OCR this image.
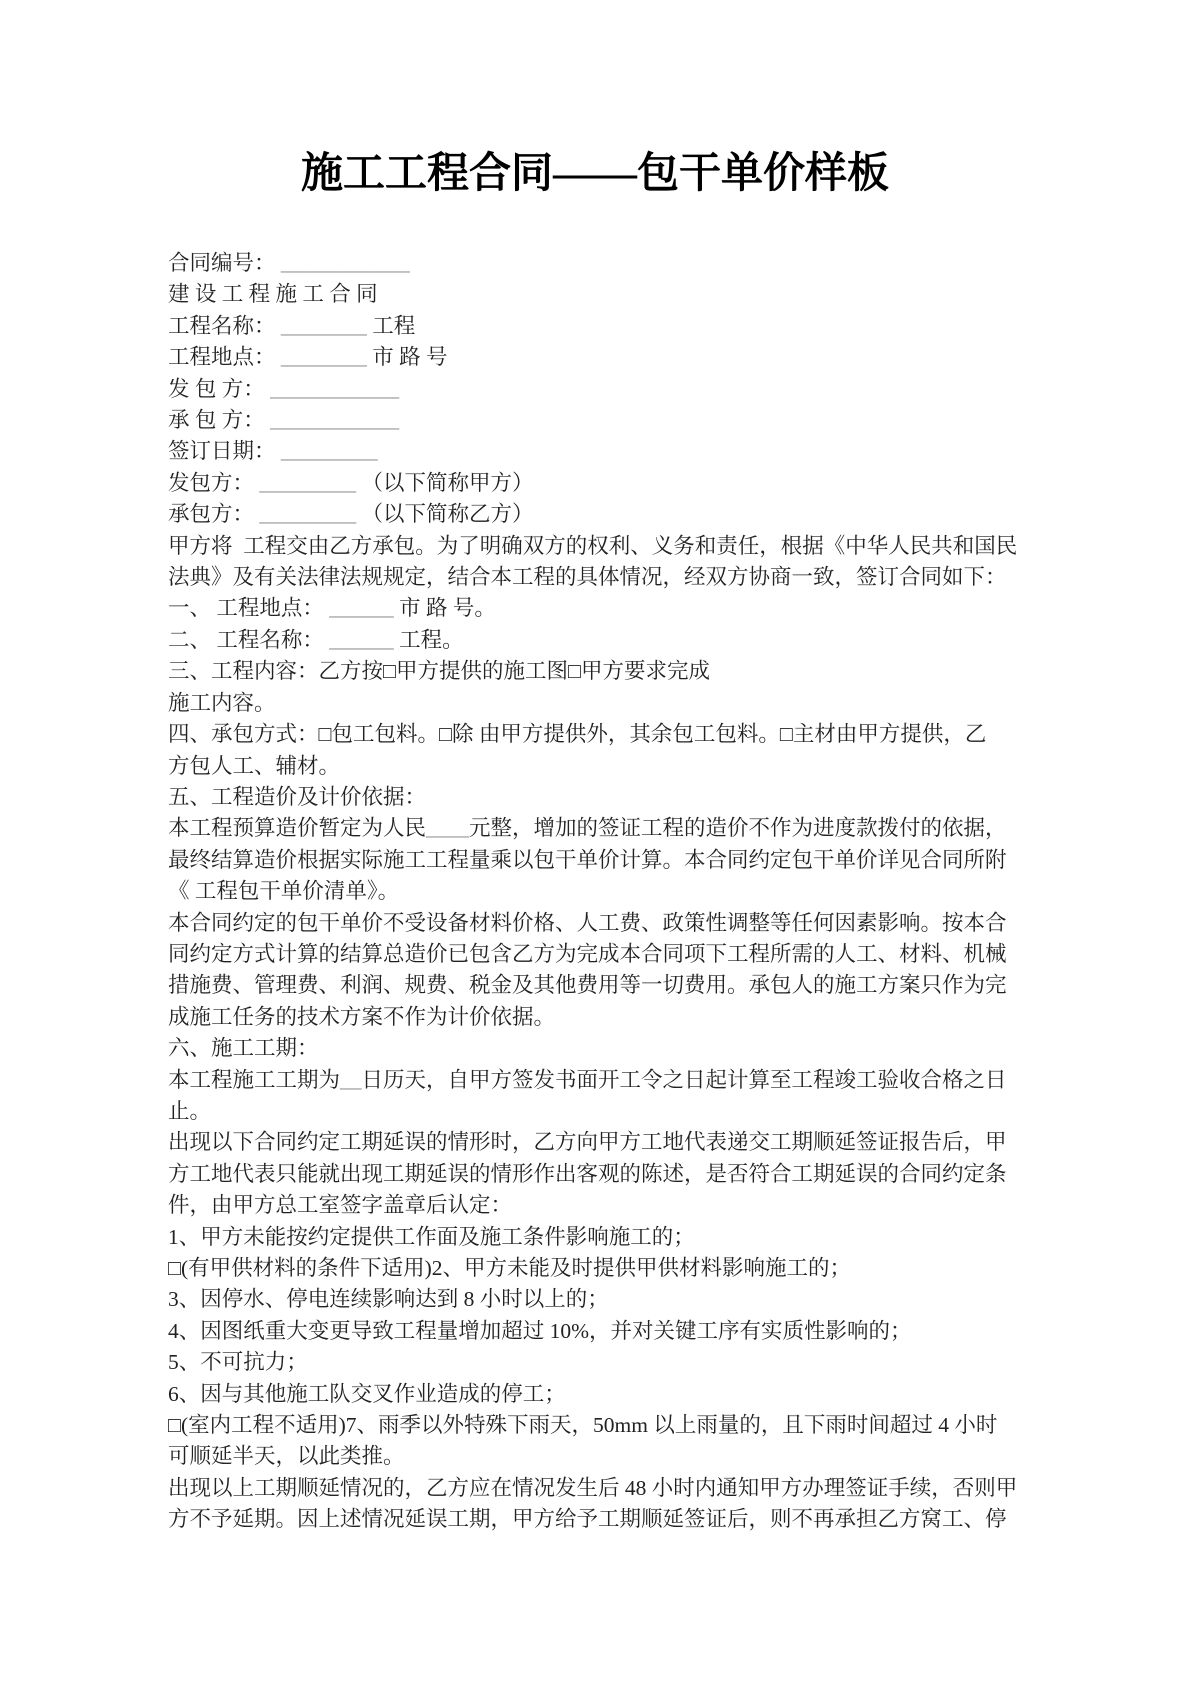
施工工程合同——包干单价样板
合同编号： ____________
建 设 工 程 施 工 合 同
工程名称： ________ 工程
工程地点： ________ 市 路 号
发 包 方： ____________
承 包 方： ____________
签订日期： _________
发包方： _________ （以下简称甲方）
承包方： _________ （以下简称乙方）
甲方将  工程交由乙方承包。为了明确双方的权利、义务和责任，根据《中华人民共和国民
法典》及有关法律法规规定，结合本工程的具体情况，经双方协商一致，签订合同如下：
一、 工程地点： ______ 市 路 号。
二、 工程名称： ______ 工程。
三、工程内容：乙方按□甲方提供的施工图□甲方要求完成
施工内容。
四、承包方式：□包工包料。□除 由甲方提供外，其余包工包料。□主材由甲方提供，乙
方包人工、辅材。
五、工程造价及计价依据：
本工程预算造价暂定为人民____元整，增加的签证工程的造价不作为进度款拨付的依据，
最终结算造价根据实际施工工程量乘以包干单价计算。本合同约定包干单价详见合同所附
《 工程包干单价清单》。
本合同约定的包干单价不受设备材料价格、人工费、政策性调整等任何因素影响。按本合
同约定方式计算的结算总造价已包含乙方为完成本合同项下工程所需的人工、材料、机械
措施费、管理费、利润、规费、税金及其他费用等一切费用。承包人的施工方案只作为完
成施工任务的技术方案不作为计价依据。
六、施工工期：
本工程施工工期为__日历天，自甲方签发书面开工令之日起计算至工程竣工验收合格之日
止。
出现以下合同约定工期延误的情形时，乙方向甲方工地代表递交工期顺延签证报告后，甲
方工地代表只能就出现工期延误的情形作出客观的陈述，是否符合工期延误的合同约定条
件，由甲方总工室签字盖章后认定：
1、甲方未能按约定提供工作面及施工条件影响施工的；
□(有甲供材料的条件下适用)2、甲方未能及时提供甲供材料影响施工的；
3、因停水、停电连续影响达到 8 小时以上的；
4、因图纸重大变更导致工程量增加超过 10%，并对关键工序有实质性影响的；
5、不可抗力；
6、因与其他施工队交叉作业造成的停工；
□(室内工程不适用)7、雨季以外特殊下雨天，50mm 以上雨量的，且下雨时间超过 4 小时
可顺延半天，以此类推。
出现以上工期顺延情况的，乙方应在情况发生后 48 小时内通知甲方办理签证手续，否则甲
方不予延期。因上述情况延误工期，甲方给予工期顺延签证后，则不再承担乙方窝工、停
